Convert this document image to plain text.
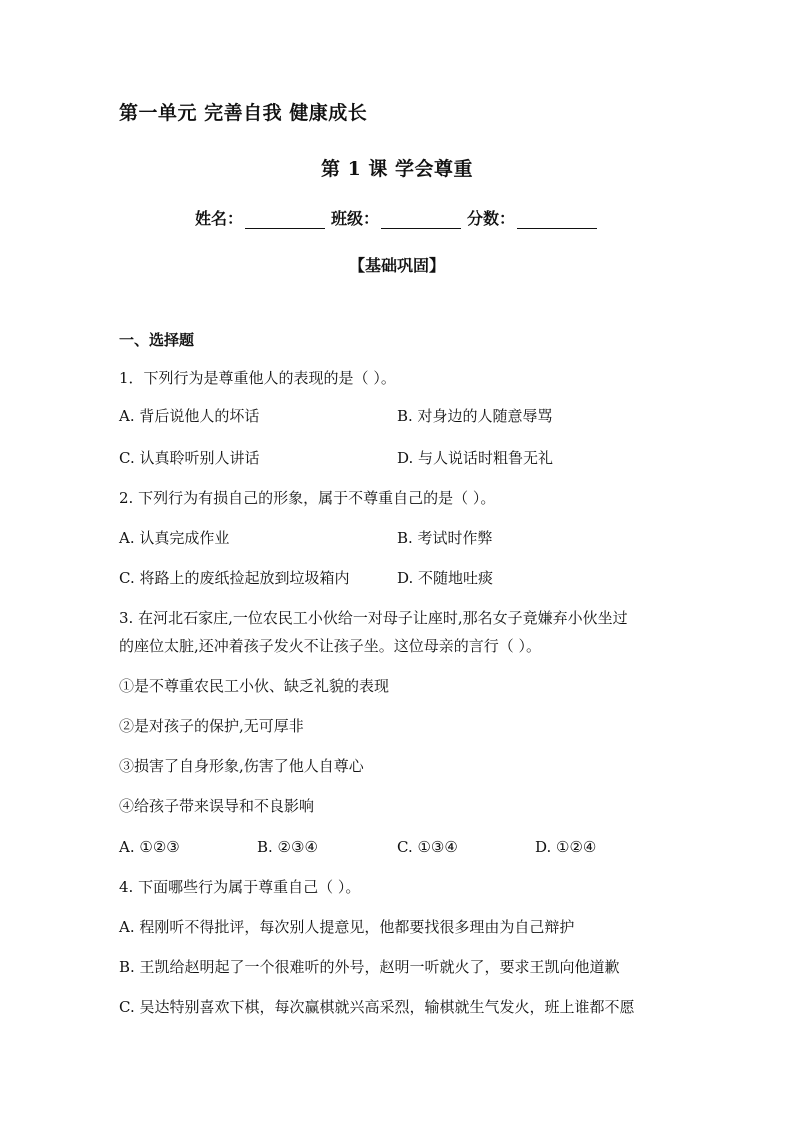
第一单元 完善自我 健康成长
第 1 课 学会尊重
姓名：	班级：	分数：
【基础巩固】
一、选择题
1．下列行为是尊重他人的表现的是（ ）。
A. 背后说他人的坏话	B. 对身边的人随意辱骂
C. 认真聆听别人讲话	D. 与人说话时粗鲁无礼
2. 下列行为有损自己的形象，属于不尊重自己的是（ ）。
A. 认真完成作业	B. 考试时作弊
C. 将路上的废纸捡起放到垃圾箱内	D. 不随地吐痰
3. 在河北石家庄,一位农民工小伙给一对母子让座时,那名女子竟嫌弃小伙坐过
的座位太脏,还冲着孩子发火不让孩子坐。这位母亲的言行（ ）。
①是不尊重农民工小伙、缺乏礼貌的表现
②是对孩子的保护,无可厚非
③损害了自身形象,伤害了他人自尊心
④给孩子带来误导和不良影响
A. ①②③	B. ②③④	C. ①③④	D. ①②④
4. 下面哪些行为属于尊重自己（ ）。
A. 程刚听不得批评，每次别人提意见，他都要找很多理由为自己辩护
B. 王凯给赵明起了一个很难听的外号，赵明一听就火了，要求王凯向他道歉
C. 吴达特别喜欢下棋，每次赢棋就兴高采烈，输棋就生气发火，班上谁都不愿
